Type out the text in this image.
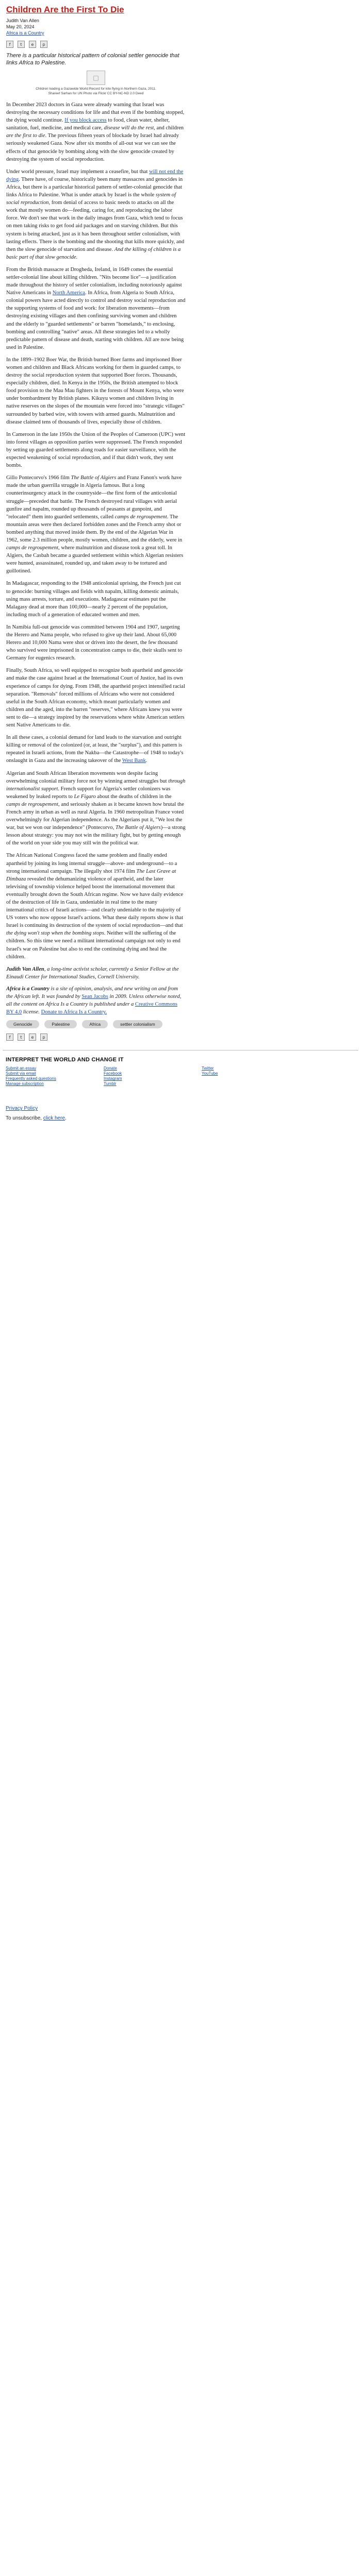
Children Are the First To Die
Judith Van Allen
May 20, 2024
Africa is a Country
f	t	e	p

There is a particular historical pattern of colonial settler genocide that links Africa to Palestine.

□
Children loading a Gazawide World Record for kite flying in Northern Gaza, 2011. Shareef Sarhan for UN Photo via Flickr CC BY-NC-ND 2.0 Deed

In December 2023 doctors in Gaza were already warning that Israel was destroying the necessary conditions for life and that even if the bombing stopped, the dying would continue. If you block access to food, clean water, shelter, sanitation, fuel, medicine, and medical care, disease will do the rest, and children are the first to die. The previous fifteen years of blockade by Israel had already seriously weakened Gaza. Now after six months of all-out war we can see the effects of that genocide by bombing along with the slow genocide created by destroying the system of social reproduction.

Under world pressure, Israel may implement a ceasefire, but that will not end the dying. There have, of course, historically been many massacres and genocides in Africa, but there is a particular historical pattern of settler-colonial genocide that links Africa to Palestine. What is under attack by Israel is the whole system of social reproduction, from denial of access to basic needs to attacks on all the work that mostly women do—feeding, caring for, and reproducing the labor force. We don't see that work in the daily images from Gaza, which tend to focus on men taking risks to get food aid packages and on starving children. But this system is being attacked, just as it has been throughout settler colonialism, with lasting effects. There is the bombing and the shooting that kills more quickly, and then the slow genocide of starvation and disease. And the killing of children is a basic part of that slow genocide.

From the British massacre at Drogheda, Ireland, in 1649 comes the essential settler-colonial line about killing children. "Nits become lice"—a justification made throughout the history of settler colonialism, including notoriously against Native Americans in North America. In Africa, from Algeria to South Africa, colonial powers have acted directly to control and destroy social reproduction and the supporting systems of food and work: for liberation movements—from destroying existing villages and then confining surviving women and children and the elderly to "guarded settlements" or barren "homelands," to enclosing, bombing and controlling "native" areas. All these strategies led to a wholly predictable pattern of disease and death, starting with children. All are now being used in Palestine.

In the 1899–1902 Boer War, the British burned Boer farms and imprisoned Boer women and children and Black Africans working for them in guarded camps, to destroy the social reproduction system that supported Boer forces. Thousands, especially children, died. In Kenya in the 1950s, the British attempted to block food provision to the Mau Mau fighters in the forests of Mount Kenya, who were under bombardment by British planes. Kikuyu women and children living in native reserves on the slopes of the mountain were forced into "strategic villages" surrounded by barbed wire, with towers with armed guards. Malnutrition and disease claimed tens of thousands of lives, especially those of children.

In Cameroon in the late 1950s the Union of the Peoples of Cameroon (UPC) went into forest villages as opposition parties were suppressed. The French responded by setting up guarded settlements along roads for easier surveillance, with the expected weakening of social reproduction, and if that didn't work, they sent bombs.

Gillo Pontecorvo's 1966 film The Battle of Algiers and Franz Fanon's work have made the urban guerrilla struggle in Algeria famous. But a long counterinsurgency attack in the countryside—the first form of the anticolonial struggle—preceded that battle. The French destroyed rural villages with aerial gunfire and napalm, rounded up thousands of peasants at gunpoint, and "relocated" them into guarded settlements, called camps de regroupement. The mountain areas were then declared forbidden zones and the French army shot or bombed anything that moved inside them. By the end of the Algerian War in 1962, some 2.3 million people, mostly women, children, and the elderly, were in camps de regroupement, where malnutrition and disease took a great toll. In Algiers, the Casbah became a guarded settlement within which Algerian resisters were hunted, assassinated, rounded up, and taken away to be tortured and guillotined.

In Madagascar, responding to the 1948 anticolonial uprising, the French just cut to genocide: burning villages and fields with napalm, killing domestic animals, using mass arrests, torture, and executions. Madagascar estimates put the Malagasy dead at more than 100,000—nearly 2 percent of the population, including much of a generation of educated women and men.

In Namibia full-out genocide was committed between 1904 and 1907, targeting the Herero and Nama people, who refused to give up their land. About 65,000 Herero and 10,000 Nama were shot or driven into the desert, the few thousand who survived were imprisoned in concentration camps to die, their skulls sent to Germany for eugenics research.

Finally, South Africa, so well equipped to recognize both apartheid and genocide and make the case against Israel at the International Court of Justice, had its own experience of camps for dying. From 1948, the apartheid project intensified racial separation. "Removals" forced millions of Africans who were not considered useful in the South African economy, which meant particularly women and children and the aged, into the barren "reserves," where Africans knew you were sent to die—a strategy inspired by the reservations where white American settlers sent Native Americans to die.

In all these cases, a colonial demand for land leads to the starvation and outright killing or removal of the colonized (or, at least, the "surplus"), and this pattern is repeated in Israeli actions, from the Nakba—the Catastrophe—of 1948 to today's onslaught in Gaza and the increasing takeover of the West Bank.

Algerian and South African liberation movements won despite facing overwhelming colonial military force not by winning armed struggles but through internationalist support. French support for Algeria's settler colonizers was weakened by leaked reports to Le Figaro about the deaths of children in the camps de regroupement, and seriously shaken as it became known how brutal the French army in urban as well as rural Algeria. In 1960 metropolitan France voted overwhelmingly for Algerian independence. As the Algerians put it, "We lost the war, but we won our independence" (Pontecorvo, The Battle of Algiers)—a strong lesson about strategy: you may not win the military fight, but by getting enough of the world on your side you may still win the political war.

The African National Congress faced the same problem and finally ended apartheid by joining its long internal struggle—above- and underground—to a strong international campaign. The illegally shot 1974 film The Last Grave at Dimbaza revealed the dehumanizing violence of apartheid, and the later televising of township violence helped boost the international movement that eventually brought down the South African regime. Now we have daily evidence of the destruction of life in Gaza, undeniable in real time to the many international critics of Israeli actions—and clearly undeniable to the majority of US voters who now oppose Israel's actions. What these daily reports show is that Israel is continuing its destruction of the system of social reproduction—and that the dying won't stop when the bombing stops. Neither will the suffering of the children. So this time we need a militant international campaign not only to end Israel's war on Palestine but also to end the continuing dying and heal the children.

Judith Van Allen, a long-time activist scholar, currently a Senior Fellow at the Einaudi Center for International Studies, Cornell University.

Africa is a Country is a site of opinion, analysis, and new writing on and from the African left. It was founded by Sean Jacobs in 2009. Unless otherwise noted, all the content on Africa Is a Country is published under a Creative Commons BY 4.0 license. Donate to Africa Is a Country.

Genocide	Palestine	Africa	settler colonialism
f	t	e	p
INTERPRET THE WORLD AND CHANGE IT
Submit an essay
Submit via email
Frequently asked questions
Manage subscription
Donate
Facebook
Instagram
Tumblr
Twitter
YouTube
Privacy Policy
To unsubscribe, click here.
